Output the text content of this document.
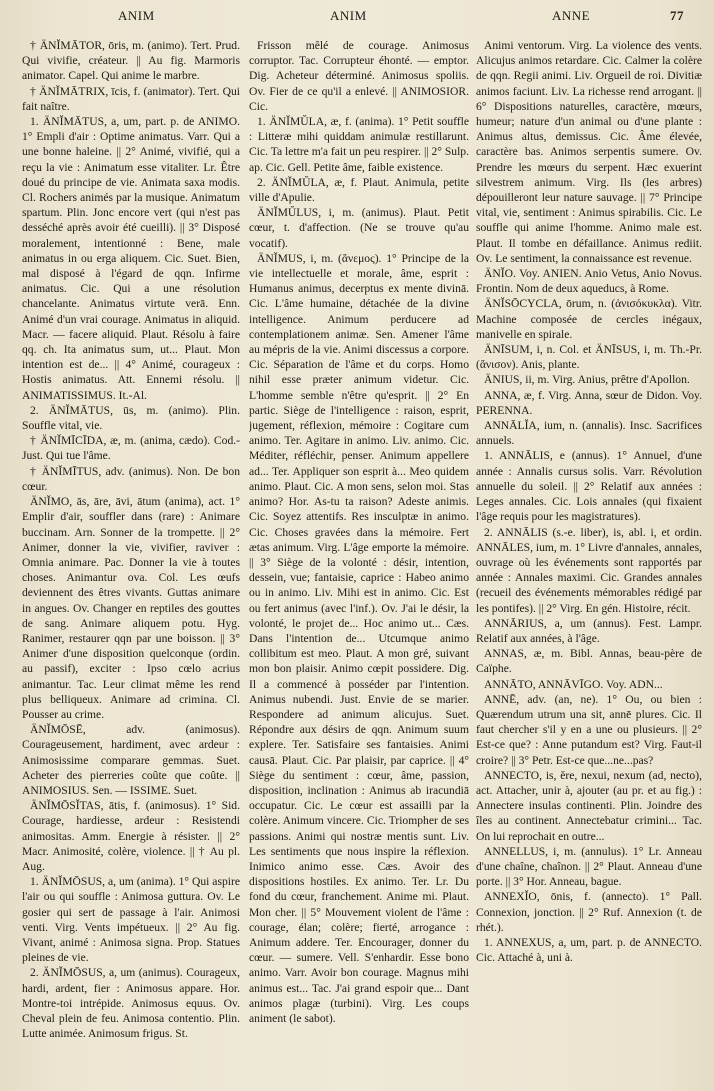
ANIM	ANIM	ANNE	77

† ÄNĬMĀTOR, ōris, m. (animo). Tert. Prud. Qui vivifie, créateur. || Au fig. Marmoris animator. Capel. Qui anime le marbre.

† ÄNĬMĀTRIX, īcis, f. (animator). Tert. Qui fait naître.

1. ÄNĬMĀTUS, a, um, part. p. de ANIMO. 1° Empli d'air : Optime animatus. Varr. Qui a une bonne haleine. || 2° Animé, vivifié, qui a reçu la vie : Animatum esse vitaliter. Lr. Être doué du principe de vie. Animata saxa modis. Cl. Rochers animés par la musique. Animatum spartum. Plin. Jonc encore vert (qui n'est pas desséché après avoir été cueilli). || 3° Disposé moralement, intentionné : Bene, male animatus in ou erga aliquem. Cic. Suet. Bien, mal disposé à l'égard de qqn. Infirme animatus. Cic. Qui a une résolution chancelante. Animatus virtute verā. Enn. Animé d'un vrai courage. Animatus in aliquid. Macr. — facere aliquid. Plaut. Résolu à faire qq. ch. Ita animatus sum, ut... Plaut. Mon intention est de... || 4° Animé, courageux : Hostis animatus. Att. Ennemi résolu. || ANIMATISSIMUS. It.-Al.

2. ÄNĬMĀTUS, ūs, m. (animo). Plin. Souffle vital, vie.

† ÄNĬMĪCĪDA, æ, m. (anima, cædo). Cod.-Just. Qui tue l'âme.

† ÄNĬMĪTUS, adv. (animus). Non. De bon cœur.

ÄNĬMO, ās, āre, āvi, ātum (anima), act. 1° Emplir d'air, souffler dans (rare) : Animare buccinam. Arn. Sonner de la trompette. || 2° Animer, donner la vie, vivifier, raviver : Omnia animare. Pac. Donner la vie à toutes choses. Animantur ova. Col. Les œufs deviennent des êtres vivants. Guttas animare in angues. Ov. Changer en reptiles des gouttes de sang. Animare aliquem potu. Hyg. Ranimer, restaurer qqn par une boisson. || 3° Animer d'une disposition quelconque (ordin. au passif), exciter : Ipso cœlo acrius animantur. Tac. Leur climat même les rend plus belliqueux. Animare ad crimina. Cl. Pousser au crime.

ÄNĬMŌSĒ, adv. (animosus). Courageusement, hardiment, avec ardeur : Animosissime comparare gemmas. Suet. Acheter des pierreries coûte que coûte. || ANIMOSIUS. Sen. — ISSIME. Suet.

ÄNĬMŌSĬTAS, ātis, f. (animosus). 1° Sid. Courage, hardiesse, ardeur : Resistendi animositas. Amm. Energie à résister. || 2° Macr. Animosité, colère, violence. || † Au pl. Aug.

1. ÄNĬMŌSUS, a, um (anima). 1° Qui aspire l'air ou qui souffle : Animosa guttura. Ov. Le gosier qui sert de passage à l'air. Animosi venti. Virg. Vents impétueux. || 2° Au fig. Vivant, animé : Animosa signa. Prop. Statues pleines de vie.

2. ÄNĬMŌSUS, a, um (animus). Courageux, hardi, ardent, fier : Animosus appare. Hor. Montre-toi intrépide. Animosus equus. Ov. Cheval plein de feu. Animosa contentio. Plin. Lutte animée. Animosum frigus. St.

Frisson mêlé de courage. Animosus corruptor. Tac. Corrupteur éhonté. — emptor. Dig. Acheteur déterminé. Animosus spoliis. Ov. Fier de ce qu'il a enlevé. || ANIMOSIOR. Cic.

1. ÄNĬMŬLA, æ, f. (anima). 1° Petit souffle : Litteræ mihi quiddam animulæ restillarunt. Cic. Ta lettre m'a fait un peu respirer. || 2° Sulp. ap. Cic. Gell. Petite âme, faible existence.

2. ÄNĬMŬLA, æ, f. Plaut. Animula, petite ville d'Apulie.

ÄNĬMŬLUS, i, m. (animus). Plaut. Petit cœur, t. d'affection. (Ne se trouve qu'au vocatif).

ÄNĬMUS, i, m. (ἄνεμος). 1° Principe de la vie intellectuelle et morale, âme, esprit : Humanus animus, decerptus ex mente divinā. Cic. L'âme humaine, détachée de la divine intelligence. Animum perducere ad contemplationem animæ. Sen. Amener l'âme au mépris de la vie. Animi discessus a corpore. Cic. Séparation de l'âme et du corps. Homo nihil esse præter animum videtur. Cic. L'homme semble n'être qu'esprit. || 2° En partic. Siège de l'intelligence : raison, esprit, jugement, réflexion, mémoire : Cogitare cum animo. Ter. Agitare in animo. Liv. animo. Cic. Méditer, réfléchir, penser. Animum appellere ad... Ter. Appliquer son esprit à... Meo quidem animo. Plaut. Cic. A mon sens, selon moi. Stas animo? Hor. As-tu ta raison? Adeste animis. Cic. Soyez attentifs. Res insculptæ in animo. Cic. Choses gravées dans la mémoire. Fert ætas animum. Virg. L'âge emporte la mémoire. || 3° Siège de la volonté : désir, intention, dessein, vue; fantaisie, caprice : Habeo animo ou in animo. Liv. Mihi est in animo. Cic. Est ou fert animus (avec l'inf.). Ov. J'ai le désir, la volonté, le projet de... Hoc animo ut... Cæs. Dans l'intention de... Utcumque animo collibitum est meo. Plaut. A mon gré, suivant mon bon plaisir. Animo cœpit possidere. Dig. Il a commencé à posséder par l'intention. Animus nubendi. Just. Envie de se marier. Respondere ad animum alicujus. Suet. Répondre aux désirs de qqn. Animum suum explere. Ter. Satisfaire ses fantaisies. Animi causā. Plaut. Cic. Par plaisir, par caprice. || 4° Siège du sentiment : cœur, âme, passion, disposition, inclination : Animus ab iracundiā occupatur. Cic. Le cœur est assailli par la colère. Animum vincere. Cic. Triompher de ses passions. Animi qui nostræ mentis sunt. Liv. Les sentiments que nous inspire la réflexion. Inimico animo esse. Cæs. Avoir des dispositions hostiles. Ex animo. Ter. Lr. Du fond du cœur, franchement. Anime mi. Plaut. Mon cher. || 5° Mouvement violent de l'âme : courage, élan; colère; fierté, arrogance : Animum addere. Ter. Encourager, donner du cœur. — sumere. Vell. S'enhardir. Esse bono animo. Varr. Avoir bon courage. Magnus mihi animus est... Tac. J'ai grand espoir que... Dant animos plagæ (turbini). Virg. Les coups animent (le sabot).

Animi ventorum. Virg. La violence des vents. Alicujus animos retardare. Cic. Calmer la colère de qqn. Regii animi. Liv. Orgueil de roi. Divitiæ animos faciunt. Liv. La richesse rend arrogant. || 6° Dispositions naturelles, caractère, mœurs, humeur; nature d'un animal ou d'une plante : Animus altus, demissus. Cic. Âme élevée, caractère bas. Animos serpentis sumere. Ov. Prendre les mœurs du serpent. Hæc exuerint silvestrem animum. Virg. Ils (les arbres) dépouilleront leur nature sauvage. || 7° Principe vital, vie, sentiment : Animus spirabilis. Cic. Le souffle qui anime l'homme. Animo male est. Plaut. Il tombe en défaillance. Animus rediit. Ov. Le sentiment, la connaissance est revenue.

ÄNĬO. Voy. ANIEN. Anio Vetus, Anio Novus. Frontin. Nom de deux aqueducs, à Rome.

ÄNĬSŌCYCLA, ōrum, n. (ἀνισόκυκλα). Vitr. Machine composée de cercles inégaux, manivelle en spirale.

ÄNĪSUM, i, n. Col. et ÄNĪSUS, i, m. Th.-Pr. (ἄνισον). Anis, plante.

ÄNIUS, ii, m. Virg. Anius, prêtre d'Apollon.

ANNA, æ, f. Virg. Anna, sœur de Didon. Voy. PERENNA.

ANNĀLĬA, ium, n. (annalis). Insc. Sacrifices annuels.

1. ANNĀLIS, e (annus). 1° Annuel, d'une année : Annalis cursus solis. Varr. Révolution annuelle du soleil. || 2° Relatif aux années : Leges annales. Cic. Lois annales (qui fixaient l'âge requis pour les magistratures).

2. ANNĀLIS (s.-e. liber), is, abl. i, et ordin. ANNĀLES, ium, m. 1° Livre d'annales, annales, ouvrage où les événements sont rapportés par année : Annales maximi. Cic. Grandes annales (recueil des événements mémorables rédigé par les pontifes). || 2° Virg. En gén. Histoire, récit.

ANNĀRIUS, a, um (annus). Fest. Lampr. Relatif aux années, à l'âge.

ANNAS, æ, m. Bibl. Annas, beau-père de Caïphe.

ANNĀTO, ANNĀVĪGO. Voy. ADN...

ANNĒ, adv. (an, ne). 1° Ou, ou bien : Quærendum utrum una sit, annē plures. Cic. Il faut chercher s'il y en a une ou plusieurs. || 2° Est-ce que? : Anne putandum est? Virg. Faut-il croire? || 3° Petr. Est-ce que...ne...pas?

ANNECTO, is, ĕre, nexui, nexum (ad, necto), act. Attacher, unir à, ajouter (au pr. et au fig.) : Annectere insulas continenti. Plin. Joindre des îles au continent. Annectebatur crimini... Tac. On lui reprochait en outre...

ANNELLUS, i, m. (annulus). 1° Lr. Anneau d'une chaîne, chaînon. || 2° Plaut. Anneau d'une porte. || 3° Hor. Anneau, bague.

ANNEXĬO, ōnis, f. (annecto). 1° Pall. Connexion, jonction. || 2° Ruf. Annexion (t. de rhét.).

1. ANNEXUS, a, um, part. p. de ANNECTO. Cic. Attaché à, uni à.
